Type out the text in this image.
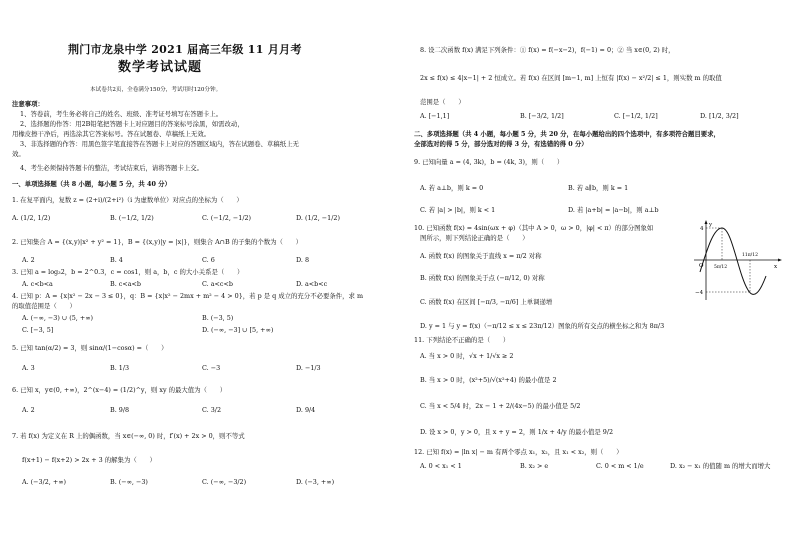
荆门市龙泉中学 2021 届高三年级 11 月月考
数学考试试题
本试卷共2页，全卷满分150分，考试用时120分钟。
注意事项：
1、答卷前，考生务必将自己的姓名、班级、准考证号填写在答题卡上。
2、选择题的作答：用2B铅笔把答题卡上对应题目的答案标号涂黑，如需改动，
用橡皮擦干净后，再选涂其它答案标号。答在试题卷、草稿纸上无效。
3、非选择题的作答：用黑色签字笔直接答在答题卡上对应的答题区域内，答在试题卷、草稿纸上无
效。
4、考生必须保持答题卡的整洁，考试结束后，请将答题卡上交。
一、单项选择题（共 8 小题，每小题 5 分，共 40 分）
1. 在复平面内，复数 z = (2+i)/(2+i²)（i 为虚数单位）对应点的坐标为（　　）
A. (1/2, 1/2)	B. (−1/2, 1/2)	C. (−1/2, −1/2)	D. (1/2, −1/2)
2. 已知集合 A = {(x,y)|x² + y² = 1}，B = {(x,y)|y = |x|}，则集合 A∩B 的子集的个数为（　　）
A. 2	B. 4	C. 6	D. 8
3. 已知 a = log₃2，b = 2^0.3，c = cos1，则 a，b，c 的大小关系是（　　）
A. c<b<a	B. c<a<b	C. a<c<b	D. a<b<c
4. 已知 p：A = {x|x² − 2x − 3 ≤ 0}，q：B = {x|x² − 2mx + m² − 4 > 0}，若 p 是 q 成立的充分不必要条件，求 m
的取值范围是（　　）
A. (−∞, −3) ∪ (5, +∞)	B. (−3, 5)
C. [−3, 5]	D. (−∞, −3] ∪ [5, +∞)
5. 已知 tan(α/2) = 3，则 sinα/(1−cosα) =（　　）
A. 3	B. 1/3	C. −3	D. −1/3
6. 已知 x，y∈(0, +∞)，2^(x−4) = (1/2)^y，则 xy 的最大值为（　　）
A. 2	B. 9/8	C. 3/2	D. 9/4
7. 若 f(x) 为定义在 R 上的偶函数，当 x∈(−∞, 0) 时，f′(x) + 2x > 0，则不等式
f(x+1) − f(x+2) > 2x + 3 的解集为（　　）
A. (−3/2, +∞)	B. (−∞, −3)	C. (−∞, −3/2)	D. (−3, +∞)
8. 设二次函数 f(x) 满足下列条件：① f(x) = f(−x−2)，f(−1) = 0；② 当 x∈(0, 2) 时，
2x ≤ f(x) ≤ 4|x−1| + 2 恒成立。若 f(x) 在区间 [m−1, m] 上恒有 |f(x) − x²/2| ≤ 1，则实数 m 的取值
范围是（　　）
A. [−1,1]	B. [−3/2, 1/2]	C. [−1/2, 1/2]	D. [1/2, 3/2]
二、多项选择题（共 4 小题，每小题 5 分，共 20 分，在每小题给出的四个选项中，有多项符合题目要求，
全部选对的得 5 分，部分选对的得 3 分，有选错的得 0 分）
9. 已知向量 a = (4, 3k)，b = (4k, 3)，则（　　）
A. 若 a⊥b，则 k = 0	B. 若 a∥b，则 k = 1
C. 若 |a| > |b|，则 k < 1	D. 若 |a+b| = |a−b|，则 a⊥b
10. 已知函数 f(x) = 4sin(ωx + φ)（其中 A > 0，ω > 0，|φ| < π）的部分图象如
图所示，则下列结论正确的是（　　）
A. 函数 f(x) 的图象关于直线 x = π/2 对称
B. 函数 f(x) 的图象关于点 (−π/12, 0) 对称
C. 函数 f(x) 在区间 [−π/3, −π/6] 上单调递增
D. y = 1 与 y = f(x)（−π/12 ≤ x ≤ 23π/12）图象的所有交点的横坐标之和为 8π/3
y
4
O 5π/12
11π/12
x
−4
11. 下列结论不正确的是（　　）
A. 当 x > 0 时，√x + 1/√x ≥ 2
B. 当 x > 0 时，(x²+5)/√(x²+4) 的最小值是 2
C. 当 x < 5/4 时，2x − 1 + 2/(4x−5) 的最小值是 5/2
D. 设 x > 0，y > 0，且 x + y = 2，则 1/x + 4/y 的最小值是 9/2
12. 已知 f(x) = |ln x| − m 有两个零点 x₁，x₂，且 x₁ < x₂，则（　　）
A. 0 < x₁ < 1	B. x₂ > e	C. 0 < m < 1/e	D. x₂ − x₁ 的值随 m 的增大而增大
